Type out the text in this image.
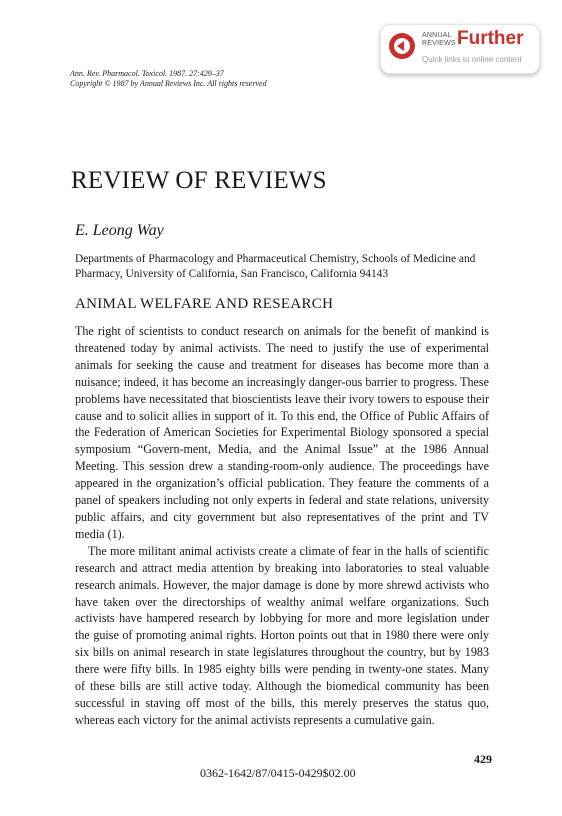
ANNUAL
REVIEWS Further
Quick links to online content
Ann. Rev. Pharmacol. Toxicol. 1987. 27:429–37
Copyright © 1987 by Annual Reviews Inc. All rights reserved
REVIEW OF REVIEWS
E. Leong Way
Departments of Pharmacology and Pharmaceutical Chemistry, Schools of Medicine and Pharmacy, University of California, San Francisco, California 94143
ANIMAL WELFARE AND RESEARCH

The right of scientists to conduct research on animals for the benefit of mankind is threatened today by animal activists. The need to justify the use of experimental animals for seeking the cause and treatment for diseases has become more than a nuisance; indeed, it has become an increasingly danger-ous barrier to progress. These problems have necessitated that bioscientists leave their ivory towers to espouse their cause and to solicit allies in support of it. To this end, the Office of Public Affairs of the Federation of American Societies for Experimental Biology sponsored a special symposium “Govern-ment, Media, and the Animal Issue” at the 1986 Annual Meeting. This session drew a standing-room-only audience. The proceedings have appeared in the organization’s official publication. They feature the comments of a panel of speakers including not only experts in federal and state relations, university public affairs, and city government but also representatives of the print and TV media (1).

The more militant animal activists create a climate of fear in the halls of scientific research and attract media attention by breaking into laboratories to steal valuable research animals. However, the major damage is done by more shrewd activists who have taken over the directorships of wealthy animal welfare organizations. Such activists have hampered research by lobbying for more and more legislation under the guise of promoting animal rights. Horton points out that in 1980 there were only six bills on animal research in state legislatures throughout the country, but by 1983 there were fifty bills. In 1985 eighty bills were pending in twenty-one states. Many of these bills are still active today. Although the biomedical community has been successful in staving off most of the bills, this merely preserves the status quo, whereas each victory for the animal activists represents a cumulative gain.

429
0362-1642/87/0415-0429$02.00
